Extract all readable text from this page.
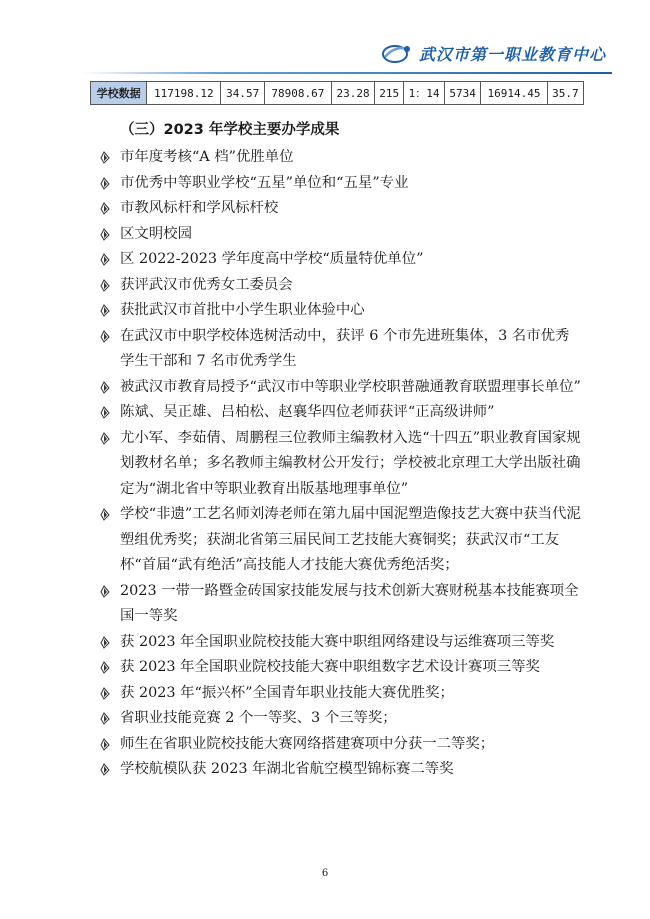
武汉市第一职业教育中心
学校数据	117198.12	34.57	78908.67	23.28	215	1：14	5734	16914.45	35.7
（三）2023 年学校主要办学成果
市年度考核“A 档”优胜单位
市优秀中等职业学校“五星”单位和“五星”专业
市教风标杆和学风标杆校
区文明校园
区 2022-2023 学年度高中学校“质量特优单位”
获评武汉市优秀女工委员会
获批武汉市首批中小学生职业体验中心
在武汉市中职学校体选树活动中，获评 6 个市先进班集体，3 名市优秀学生干部和 7 名市优秀学生
被武汉市教育局授予“武汉市中等职业学校职普融通教育联盟理事长单位”
陈斌、吴正雄、吕柏松、赵襄华四位老师获评“正高级讲师”
尤小军、李茹倩、周鹏程三位教师主编教材入选“十四五”职业教育国家规划教材名单；多名教师主编教材公开发行；学校被北京理工大学出版社确定为“湖北省中等职业教育出版基地理事单位”
学校“非遗”工艺名师刘涛老师在第九届中国泥塑造像技艺大赛中获当代泥塑组优秀奖；获湖北省第三届民间工艺技能大赛铜奖；获武汉市“工友杯“首届“武有绝活”高技能人才技能大赛优秀绝活奖；
2023 一带一路暨金砖国家技能发展与技术创新大赛财税基本技能赛项全国一等奖
获 2023 年全国职业院校技能大赛中职组网络建设与运维赛项三等奖
获 2023 年全国职业院校技能大赛中职组数字艺术设计赛项三等奖
获 2023 年“振兴杯”全国青年职业技能大赛优胜奖；
省职业技能竞赛 2 个一等奖、3 个三等奖；
师生在省职业院校技能大赛网络搭建赛项中分获一二等奖；
学校航模队获 2023 年湖北省航空模型锦标赛二等奖
6
